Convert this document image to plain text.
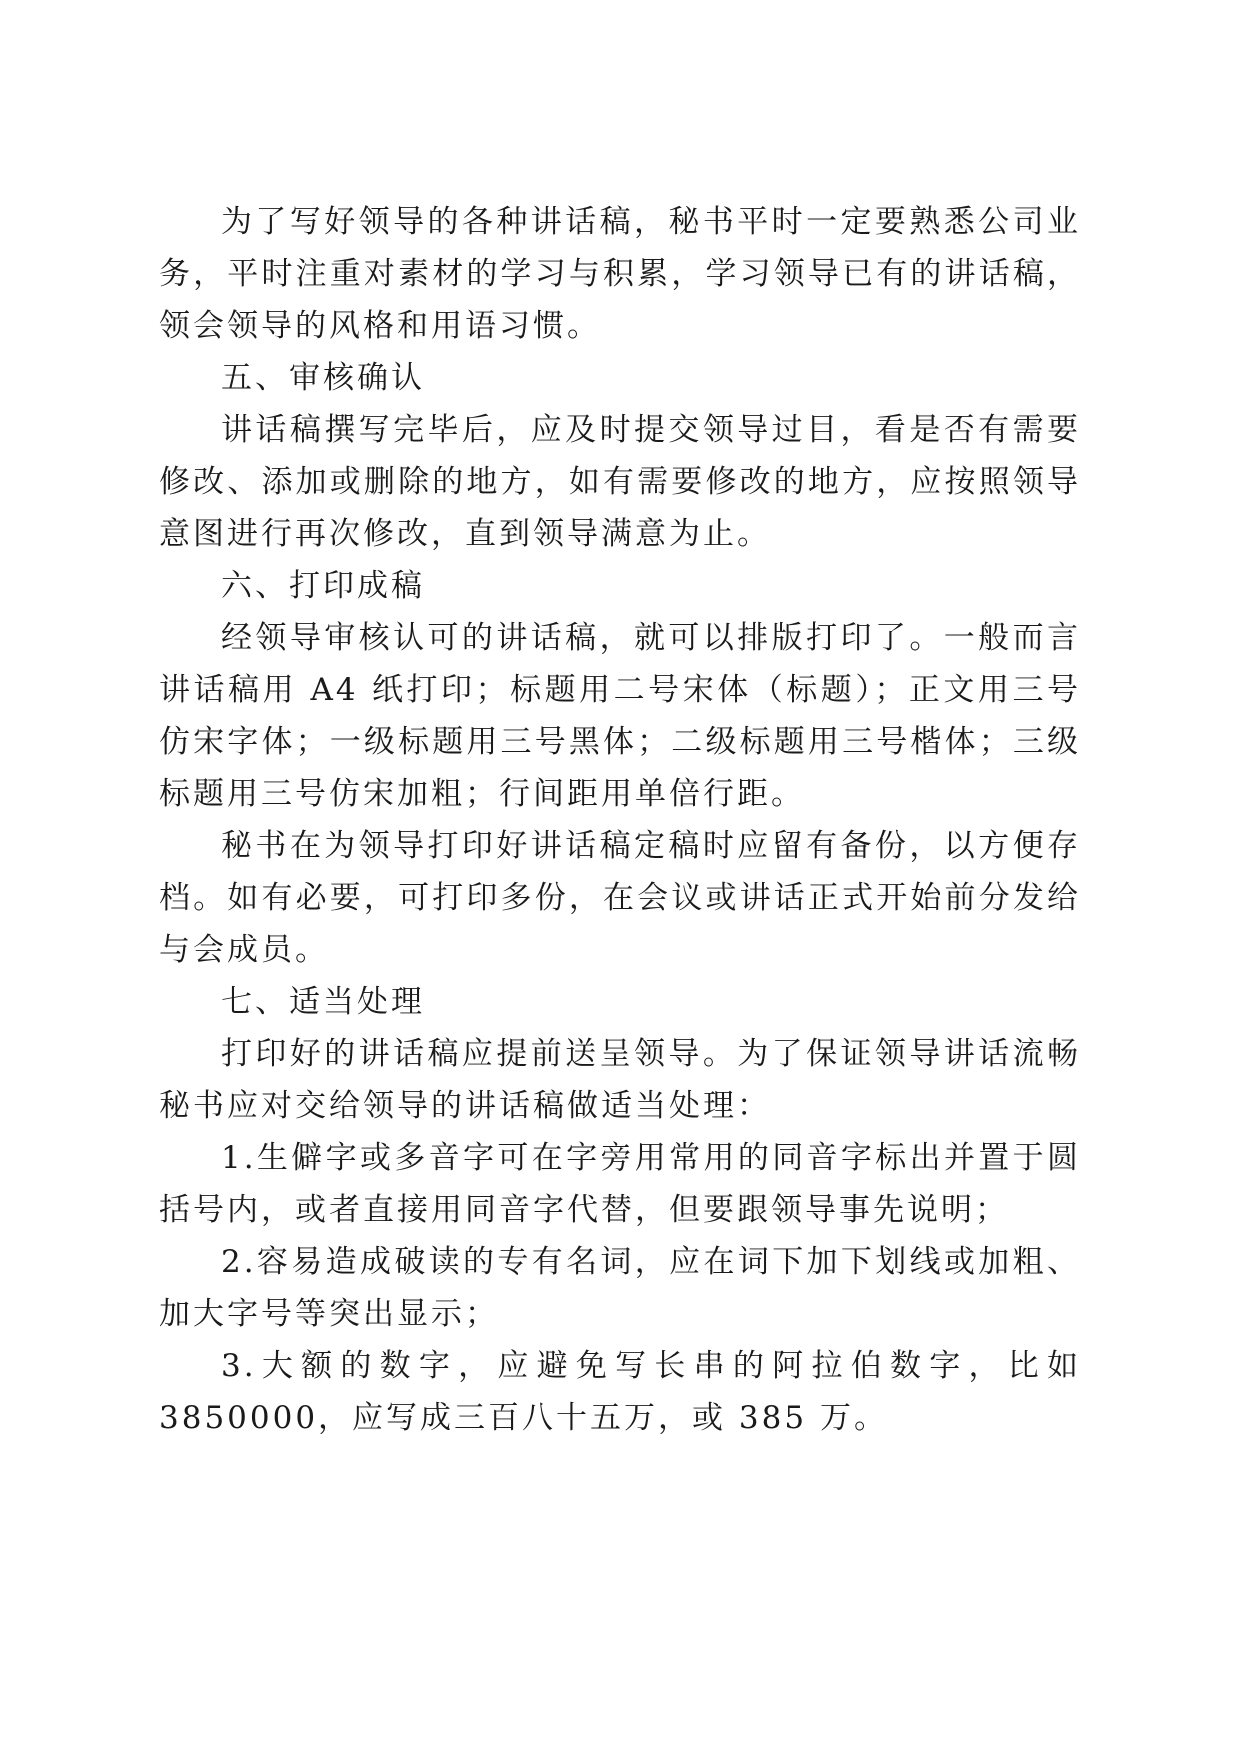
为了写好领导的各种讲话稿，秘书平时一定要熟悉公司业务，平时注重对素材的学习与积累，学习领导已有的讲话稿，领会领导的风格和用语习惯。

五、审核确认

讲话稿撰写完毕后，应及时提交领导过目，看是否有需要修改、添加或删除的地方，如有需要修改的地方，应按照领导意图进行再次修改，直到领导满意为止。

六、打印成稿

经领导审核认可的讲话稿，就可以排版打印了。一般而言讲话稿用 A4 纸打印；标题用二号宋体（标题）；正文用三号仿宋字体；一级标题用三号黑体；二级标题用三号楷体；三级标题用三号仿宋加粗；行间距用单倍行距。

秘书在为领导打印好讲话稿定稿时应留有备份，以方便存档。如有必要，可打印多份，在会议或讲话正式开始前分发给与会成员。

七、适当处理

打印好的讲话稿应提前送呈领导。为了保证领导讲话流畅秘书应对交给领导的讲话稿做适当处理：

1.生僻字或多音字可在字旁用常用的同音字标出并置于圆括号内，或者直接用同音字代替，但要跟领导事先说明；

2.容易造成破读的专有名词，应在词下加下划线或加粗、加大字号等突出显示；

3.大额的数字，应避免写长串的阿拉伯数字，比如 3850000，应写成三百八十五万，或 385 万。
